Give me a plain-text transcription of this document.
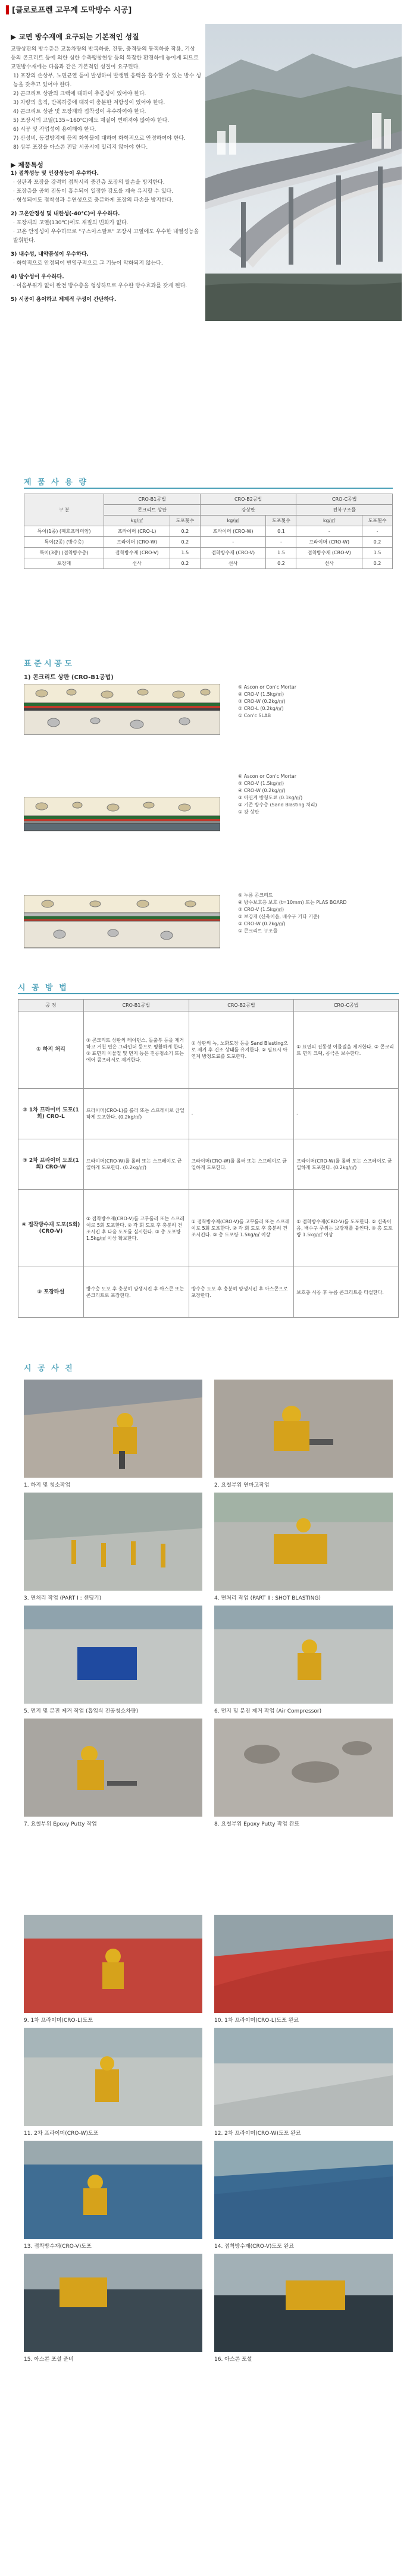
▌[클로로프렌 고무계 도막방수 시공]
▶ 교면 방수재에 요구되는 기본적인 성질

교량상판의 방수층은 교통차량의 반복하중, 진동, 충격등의 동적하중 작용, 기상 등의 콘크리트 등에 의한 심한 수축팽창현상 등의 복잡한 환경하에 놓이게 되므로 교면방수재에는 다음과 같은 기본적인 성질이 요구된다.

1) 포장의 손상부, 노면균열 등이 발생하여 발생된 응력을 흡수할 수 있는 방수 성능을 갖추고 있어야 한다.

2) 콘크리트 상판의 크랙에 대하여 추종성이 있어야 한다.

3) 차량의 움직, 반복하중에 대하여 충분한 저항성이 있어야 한다.

4) 콘크리트 상판 및 포장재와 접착성이 우수하여야 한다.

5) 포장시의 고열(135~160℃)에도 재질이 변해져야 않아야 한다.

6) 시공 및 작업성이 용이해야 한다.

7) 산성비, 동결방지제 등의 화학물에 대하여 화학적으로 안정하여야 한다.

8) 상부 포장을 아스콘 전달 시공시에 밀리지 않아야 한다.

▶ 제품특성

1) 접착성능 및 인장성능이 우수하다.

· 상판과 포장을 강력히 접착시켜 중간층 포장의 탈손을 방지한다.

· 포장층을 공히 진동이 흡수되어 일정한 강도를 계속 유지할 수 있다.

· 형성되어도 접착성과 유연성으로 충분하게 포장의 파손을 방지한다.

2) 고온안정성 및 내한성(-40℃)이 우수하다.

· 포장재의 고열(130℃)에도 재질의 변화가 없다.

· 고온 안정성이 우수하므로 "구스아스팔트" 포장시 고열에도 우수한 내열성능을 발휘한다.

3) 내수성, 내약품성이 우수하다.

· 화학적으로 안정되어 반영구적으로 그 기능이 약화되지 않는다.

4) 방수성이 우수하다.

· 이음부위가 없이 완전 방수층을 형성하므로 우수한 방수효과를 갖게 된다.

5) 시공이 용이하고 체계적 구성이 간단하다.

제 품 사 용 량
구 분	CRO-B1공법		CRO-B2공법		CRO-C공법	
	콘크리트 상판		강상판		전복구조물	
	kg/㎡	도포횟수	kg/㎡	도포횟수	kg/㎡	도포횟수
특이(1종) (폐호프레미엄)	프라이머 (CRO-L)	0.2	프라이머 (CRO-W)	0.1	-	-
특이(2종) (방수층)	프라이머 (CRO-W)	0.2	-	-	프라이머 (CRO-W)	0.2
특이(3종) (접착방수층)	접착방수재 (CRO-V)	1.5	접착방수재 (CRO-V)	1.5	접착방수재 (CRO-V)	1.5
포장재	선사	0.2	선사	0.2	선사	0.2
표 준 시 공 도
1) 콘크리트 상판 (CRO-B1공법)
⑤ Ascon or Con'c Mortar
④ CRO-V (1.5kg/㎡)
③ CRO-W (0.2kg/㎡)
② CRO-L (0.2kg/㎡)
① Con'c SLAB
⑥ Ascon or Con'c Mortar
⑤ CRO-V (1.5kg/㎡)
④ CRO-W (0.2kg/㎡)
③ 아연계 방청도료 (0.1kg/㎡)
② 기존 방수층 (Sand Blasting 처리)
① 강 상판
⑤ 누름 콘크리트
④ 방수보호층 보호 (t=10mm) 또는 PLAS BOARD
③ CRO-V (1.5kg/㎡)
② 보강재 (신축이음, 배수구 기타 기준)
② CRO-W (0.2kg/㎡)
① 콘크리트 구조물
시 공 방 법
공 정	CRO-B1공법	CRO-B2공법	CRO-C공법
① 하지 처리	① 콘크리트 상판의 레이턴스, 돌출부 등을 제거하고 거친 면은 그라인더 등으로 평활하게 한다. ② 표면의 이물질 및 먼지 등은 진공청소기 또는 에어 콤프레서로 제거한다.	① 상판의 녹, 노화도장 등을 Sand Blasting으로 제거 후 건조 상태를 유지한다. ② 필요시 아연계 방청도료를 도포한다.	① 표면의 진동성 이물질을 제거한다. ② 콘크리트 면의 크랙, 공극은 보수한다.
② 1차 프라이머 도포(1회) CRO-L	프라이머(CRO-L)를 롤러 또는 스프레이로 균일하게 도포한다. (0.2kg/㎡)	-	-
③ 2차 프라이머 도포(1회) CRO-W	프라이머(CRO-W)를 롤러 또는 스프레이로 균일하게 도포한다. (0.2kg/㎡)	프라이머(CRO-W)를 롤러 또는 스프레이로 균일하게 도포한다.	프라이머(CRO-W)를 롤러 또는 스프레이로 균일하게 도포한다. (0.2kg/㎡)
④ 접착방수재 도포(5회) (CRO-V)	① 접착방수재(CRO-V)를 고무롤러 또는 스프레이로 5회 도포한다. ② 각 회 도포 후 충분히 건조시킨 후 다음 도포를 실시한다. ③ 총 도포량 1.5kg/㎡ 이상 확보한다.	① 접착방수재(CRO-V)를 고무롤러 또는 스프레이로 5회 도포한다. ② 각 회 도포 후 충분히 건조시킨다. ③ 총 도포량 1.5kg/㎡ 이상	① 접착방수재(CRO-V)를 도포한다. ② 신축이음, 배수구 주위는 보강재를 붙인다. ③ 총 도포량 1.5kg/㎡ 이상
⑤ 포장타설	방수층 도포 후 충분히 양생시킨 후 아스콘 또는 콘크리트로 포장한다.	방수층 도포 후 충분히 양생시킨 후 아스콘으로 포장한다.	보호층 시공 후 누름 콘크리트를 타설한다.
시 공 사 진
1. 하지 및 청소작업	2. 요철부위 연마고작업
3. 면처리 작업 (PART Ⅰ : 샌딩기)	4. 면처리 작업 (PART Ⅱ : SHOT BLASTING)
5. 먼지 및 분진 제거 작업 (흡입식 진공청소차량)	6. 먼지 및 분진 제거 작업 (Air Compressor)
7. 요철부위 Epoxy Putty 작업	8. 요철부위 Epoxy Putty 작업 완료
9. 1차 프라이머(CRO-L)도포	10. 1차 프라이머(CRO-L)도포 완료
11. 2차 프라이머(CRO-W)도포	12. 2차 프라이머(CRO-W)도포 완료
13. 접착방수재(CRO-V)도포	14. 접착방수재(CRO-V)도포 완료
15. 아스콘 포설 준비	16. 아스콘 포설
